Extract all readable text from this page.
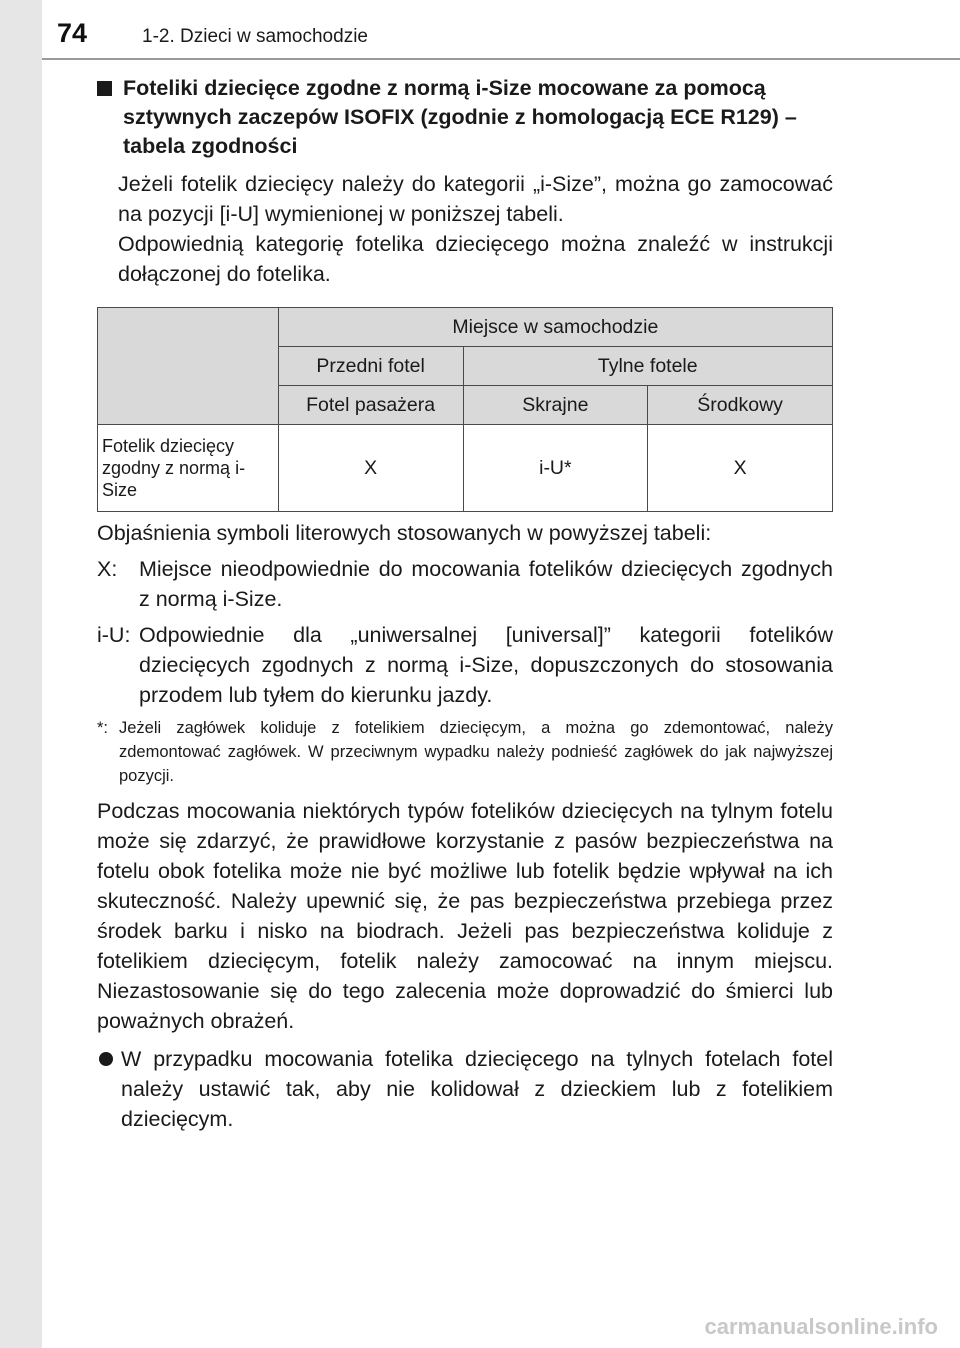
74	1-2. Dzieci w samochodzie
Foteliki dziecięce zgodne z normą i-Size mocowane za pomocą sztywnych zaczepów ISOFIX (zgodnie z homologacją ECE R129) – tabela zgodności

Jeżeli fotelik dziecięcy należy do kategorii „i-Size”, można go zamocować na pozycji [i-U] wymienionej w poniższej tabeli.

Odpowiednią kategorię fotelika dziecięcego można znaleźć w instrukcji dołączonej do fotelika.

	Miejsce w samochodzie		
	Przedni fotel	Tylne fotele	
	Fotel pasażera	Skrajne	Środkowy
Fotelik dziecięcy zgodny z normą i-Size	X	i-U*	X

Objaśnienia symboli literowych stosowanych w powyższej tabeli:

X:	Miejsce nieodpowiednie do mocowania fotelików dziecięcych zgodnych z normą i-Size.
i-U: Odpowiednie dla „uniwersalnej [universal]” kategorii fotelików dziecięcych zgodnych z normą i-Size, dopuszczonych do stosowania przodem lub tyłem do kierunku jazdy.
*: Jeżeli zagłówek koliduje z fotelikiem dziecięcym, a można go zdemontować, należy zdemontować zagłówek. W przeciwnym wypadku należy podnieść zagłówek do jak najwyższej pozycji.

Podczas mocowania niektórych typów fotelików dziecięcych na tylnym fotelu może się zdarzyć, że prawidłowe korzystanie z pasów bezpieczeństwa na fotelu obok fotelika może nie być możliwe lub fotelik będzie wpływał na ich skuteczność. Należy upewnić się, że pas bezpieczeństwa przebiega przez środek barku i nisko na biodrach. Jeżeli pas bezpieczeństwa koliduje z fotelikiem dziecięcym, fotelik należy zamocować na innym miejscu. Niezastosowanie się do tego zalecenia może doprowadzić do śmierci lub poważnych obrażeń.

W przypadku mocowania fotelika dziecięcego na tylnych fotelach fotel należy ustawić tak, aby nie kolidował z dzieckiem lub z fotelikiem dziecięcym.
carmanualsonline.info
